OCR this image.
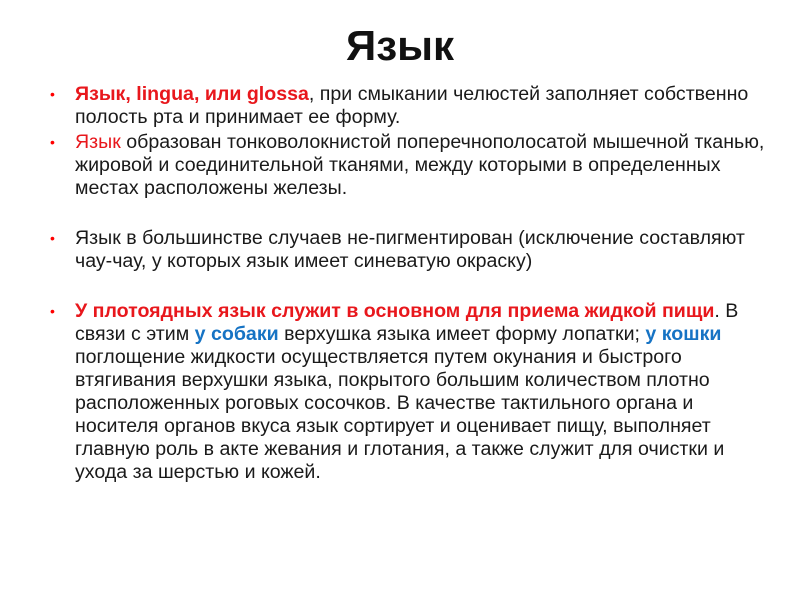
Язык
• Язык, lingua, или glossa, при смыкании челюстей заполняет собственно полость рта и принимает ее форму.
• Язык образован тонковолокнистой поперечнополосатой мышечной тканью, жировой и соединительной тканями, между которыми в определенных местах расположены железы.
• Язык в большинстве случаев не-пигментирован (исключение составляют чау-чау, у которых язык имеет синеватую окраску)
• У плотоядных язык служит в основном для приема жидкой пищи. В связи с этим у собаки верхушка языка имеет форму лопатки; у кошки поглощение жидкости осуществляется путем окунания и быстрого втягивания верхушки языка, покрытого большим количеством плотно расположенных роговых сосочков. В качестве тактильного органа и носителя органов вкуса язык сортирует и оценивает пищу, выполняет главную роль в акте жевания и глотания, а также служит для очистки и ухода за шерстью и кожей.
